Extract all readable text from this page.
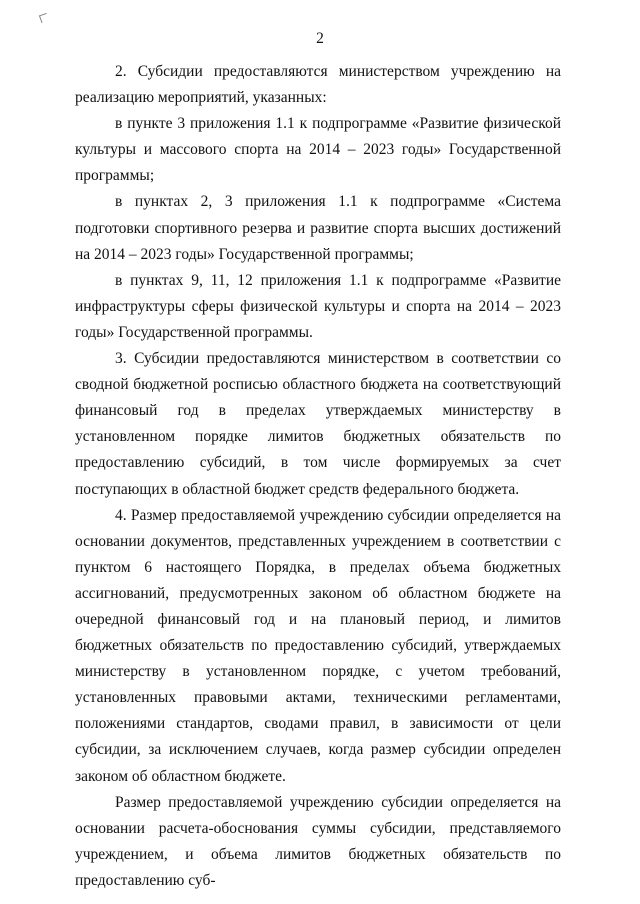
2

2. Субсидии предоставляются министерством учреждению на реализацию мероприятий, указанных:

в пункте 3 приложения 1.1 к подпрограмме «Развитие физической культуры и массового спорта на 2014 – 2023 годы» Государственной программы;

в пунктах 2, 3 приложения 1.1 к подпрограмме «Система подготовки спортивного резерва и развитие спорта высших достижений на 2014 – 2023 годы» Государственной программы;

в пунктах 9, 11, 12 приложения 1.1 к подпрограмме «Развитие инфраструктуры сферы физической культуры и спорта на 2014 – 2023 годы» Государственной программы.

3. Субсидии предоставляются министерством в соответствии со сводной бюджетной росписью областного бюджета на соответствующий финансовый год в пределах утверждаемых министерству в установленном порядке лимитов бюджетных обязательств по предоставлению субсидий, в том числе формируемых за счет поступающих в областной бюджет средств федерального бюджета.

4. Размер предоставляемой учреждению субсидии определяется на основании документов, представленных учреждением в соответствии с пунктом 6 настоящего Порядка, в пределах объема бюджетных ассигнований, предусмотренных законом об областном бюджете на очередной финансовый год и на плановый период, и лимитов бюджетных обязательств по предоставлению субсидий, утверждаемых министерству в установленном порядке, с учетом требований, установленных правовыми актами, техническими регламентами, положениями стандартов, сводами правил, в зависимости от цели субсидии, за исключением случаев, когда размер субсидии определен законом об областном бюджете.

Размер предоставляемой учреждению субсидии определяется на основании расчета-обоснования суммы субсидии, представляемого учреждением, и объема лимитов бюджетных обязательств по предоставлению суб-
